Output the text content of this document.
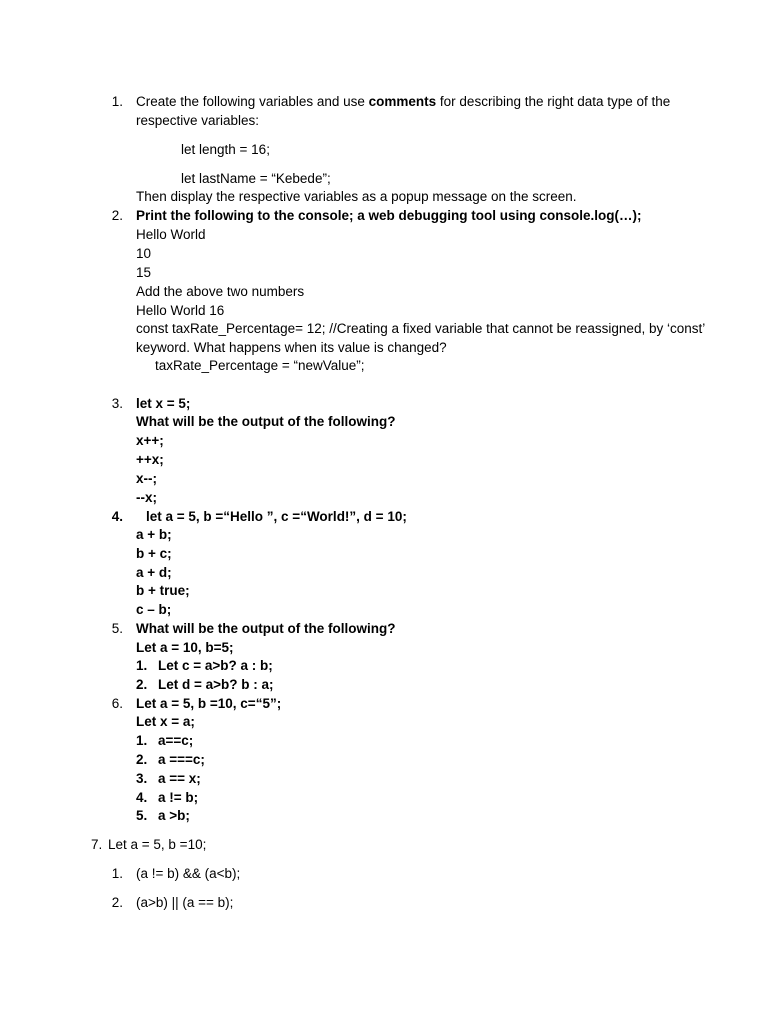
1. Create the following variables and use comments for describing the right data type of the
respective variables:
let length = 16;
let lastName = “Kebede”;
Then display the respective variables as a popup message on the screen.
2. Print the following to the console; a web debugging tool using console.log(…);
Hello World
10
15
Add the above two numbers
Hello World 16
const taxRate_Percentage= 12; //Creating a fixed variable that cannot be reassigned, by ‘const’
keyword. What happens when its value is changed?
taxRate_Percentage = “newValue”;
3. let x = 5;
What will be the output of the following?
x++;
++x;
x--;
--x;
4. let a = 5, b =“Hello ”, c =“World!”, d = 10;
a + b;
b + c;
a + d;
b + true;
c – b;
5. What will be the output of the following?
Let a = 10, b=5;
1. Let c = a>b? a : b;
2. Let d = a>b? b : a;
6. Let a = 5, b =10, c=“5”;
Let x = a;
1. a==c;
2. a ===c;
3. a == x;
4. a != b;
5. a >b;
7. Let a = 5, b =10;
1. (a != b) && (a<b);
2. (a>b) || (a == b);
